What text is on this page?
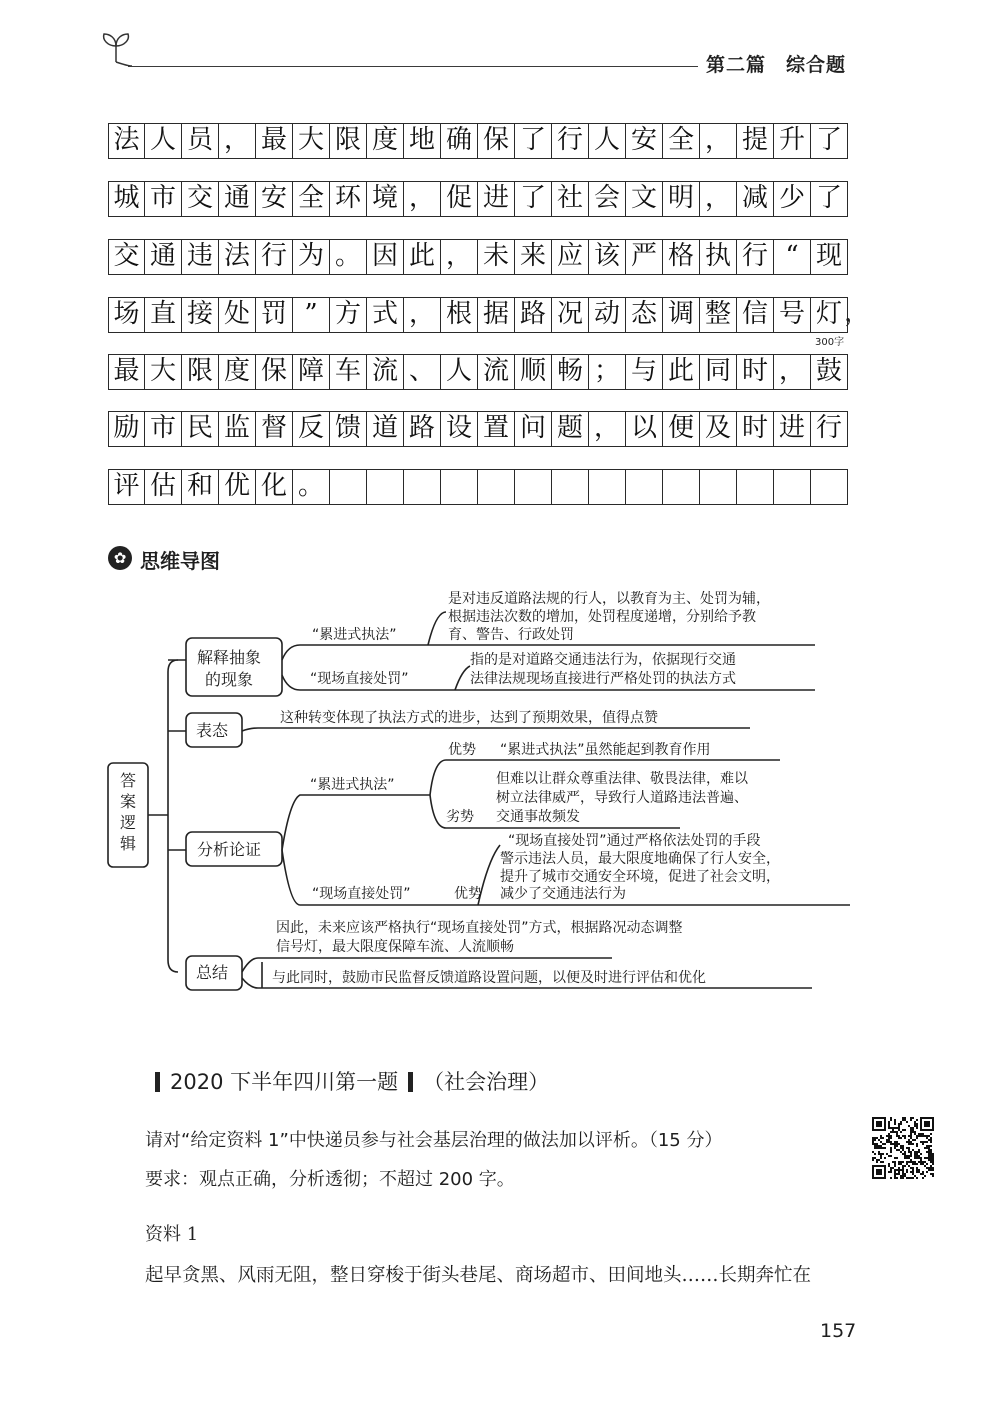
第二篇　综合题
法 人 员 ， 最 大 限 度 地 确 保 了 行 人 安 全 ， 提 升 了
城 市 交 通 安 全 环 境 ， 促 进 了 社 会 文 明 ， 减 少 了
交 通 违 法 行 为 。 因 此 ， 未 来 应 该 严 格 执 行 “ 现
场 直 接 处 罚 ” 方 式 ， 根 据 路 况 动 态 调 整 信 号 灯 ，
最 大 限 度 保 障 车 流 、 人 流 顺 畅 ； 与 此 同 时 ， 鼓
励 市 民 监 督 反 馈 道 路 设 置 问 题 ， 以 便 及 时 进 行
评 估 和 优 化 。
300字
✿
思维导图
答
案
逻
辑
解释抽象
的现象
表态
分析论证
总结
“累进式执法”
是对违反道路法规的行人，以教育为主、处罚为辅，
根据违法次数的增加，处罚程度递增，分别给予教
育、警告、行政处罚
“现场直接处罚”
指的是对道路交通违法行为，依据现行交通
法律法规现场直接进行严格处罚的执法方式
这种转变体现了执法方式的进步，达到了预期效果，值得点赞
“累进式执法”
优势 “累进式执法”虽然能起到教育作用
但难以让群众尊重法律、敬畏法律，难以
树立法律威严，导致行人道路违法普遍、
交通事故频发
劣势
“现场直接处罚”	优势
“现场直接处罚”通过严格依法处罚的手段
警示违法人员，最大限度地确保了行人安全，
提升了城市交通安全环境，促进了社会文明，
减少了交通违法行为
因此，未来应该严格执行“现场直接处罚”方式，根据路况动态调整
信号灯，最大限度保障车流、人流顺畅
与此同时，鼓励市民监督反馈道路设置问题，以便及时进行评估和优化
2020 下半年四川第一题 （社会治理）
请对“给定资料 1”中快递员参与社会基层治理的做法加以评析。（15 分）
要求：观点正确，分析透彻；不超过 200 字。
资料 1
起早贪黑、风雨无阻，整日穿梭于街头巷尾、商场超市、田间地头……长期奔忙在
157
